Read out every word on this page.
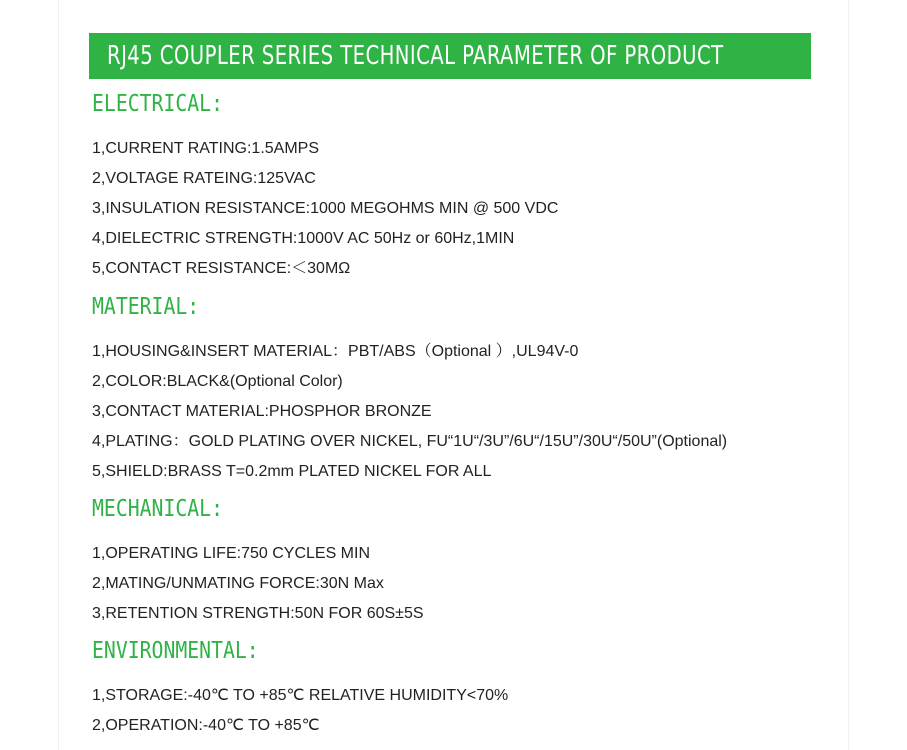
RJ45 COUPLER SERIES TECHNICAL PARAMETER OF PRODUCT
ELECTRICAL:
1,CURRENT RATING:1.5AMPS
2,VOLTAGE RATEING:125VAC
3,INSULATION RESISTANCE:1000 MEGOHMS MIN @ 500 VDC
4,DIELECTRIC STRENGTH:1000V AC 50Hz or 60Hz,1MIN
5,CONTACT RESISTANCE:＜30MΩ
MATERIAL:
1,HOUSING&INSERT MATERIAL：PBT/ABS（Optional ）,UL94V-0
2,COLOR:BLACK&(Optional Color)
3,CONTACT MATERIAL:PHOSPHOR BRONZE
4,PLATING：GOLD PLATING OVER NICKEL, FU“1U“/3U”/6U“/15U”/30U“/50U”(Optional)
5,SHIELD:BRASS T=0.2mm PLATED NICKEL FOR ALL
MECHANICAL:
1,OPERATING LIFE:750 CYCLES MIN
2,MATING/UNMATING FORCE:30N Max
3,RETENTION STRENGTH:50N FOR 60S±5S
ENVIRONMENTAL:
1,STORAGE:-40℃ TO +85℃ RELATIVE HUMIDITY<70%
2,OPERATION:-40℃ TO +85℃
